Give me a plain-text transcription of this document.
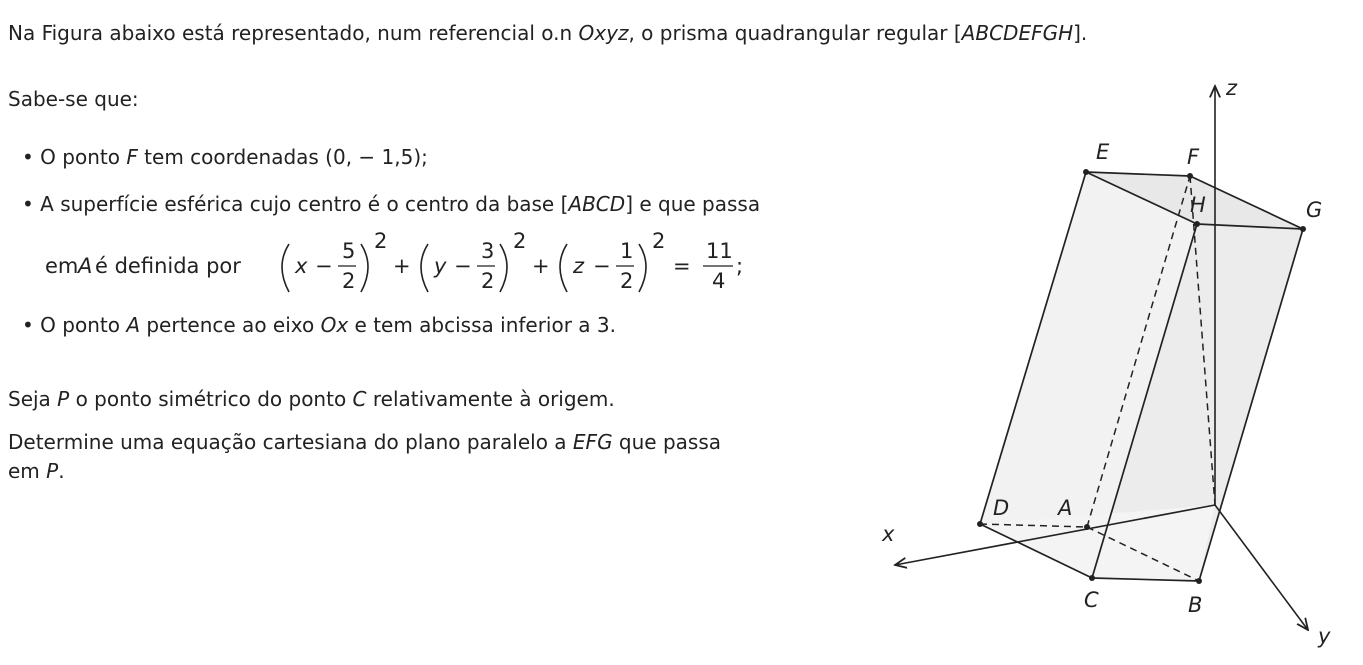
Na Figura abaixo está representado, num referencial o.n Oxyz, o prisma quadrangular regular [ABCDEFGH].
Sabe-se que:
• O ponto F tem coordenadas (0, − 1,5);
• A superfície esférica cujo centro é o centro da base [ABCD] e que passa
em A é definida por	x −
5
2
2
+ y −
3
2
2
+ z −
1
2
2
=
11
4
;
• O ponto A pertence ao eixo Ox e tem abcissa inferior a 3.
Seja P o ponto simétrico do ponto C relativamente à origem.
Determine uma equação cartesiana do plano paralelo a EFG que passa
em P.
z
x
y
E	F
G
H
D A
C	B
